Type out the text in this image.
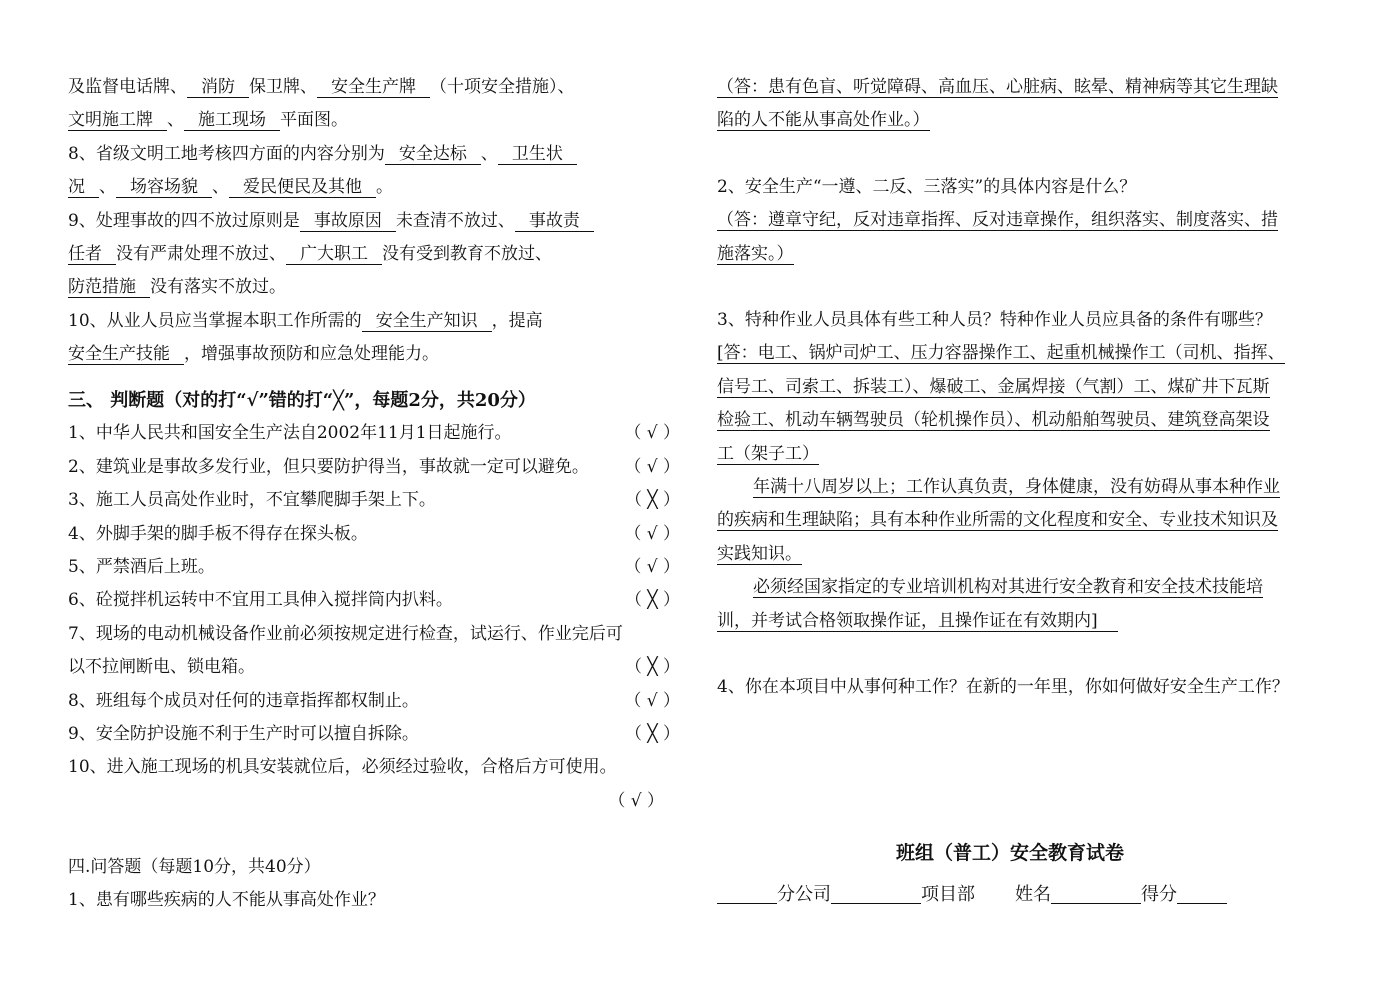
及监督电话牌、 消防 保卫牌、 安全生产牌 （十项安全措施）、
文明施工牌 、 施工现场 平面图。
8、省级文明工地考核四方面的内容分别为 安全达标 、 卫生状
况 、 场容场貌 、 爱民便民及其他 。
9、处理事故的四不放过原则是 事故原因 未查清不放过、 事故责
任者 没有严肃处理不放过、 广大职工 没有受到教育不放过、
防范措施 没有落实不放过。
10、从业人员应当掌握本职工作所需的 安全生产知识 ，提高
安全生产技能 ，增强事故预防和应急处理能力。
三、 判断题（对的打“√”错的打“╳”，每题2分，共20分）
1、中华人民共和国安全生产法自2002年11月1日起施行。	（ √ ）
2、建筑业是事故多发行业，但只要防护得当，事故就一定可以避免。 （ √ ）
3、施工人员高处作业时，不宜攀爬脚手架上下。	（ ╳ ）
4、外脚手架的脚手板不得存在探头板。	（ √ ）
5、严禁酒后上班。	（ √ ）
6、砼搅拌机运转中不宜用工具伸入搅拌筒内扒料。	（ ╳ ）
7、现场的电动机械设备作业前必须按规定进行检查，试运行、作业完后可
以不拉闸断电、锁电箱。	（ ╳ ）
8、班组每个成员对任何的违章指挥都权制止。	（ √ ）
9、安全防护设施不利于生产时可以擅自拆除。	（ ╳ ）
10、进入施工现场的机具安装就位后，必须经过验收，合格后方可使用。
（ √ ）
四.问答题（每题10分，共40分）
1、患有哪些疾病的人不能从事高处作业？
（答：患有色盲、听觉障碍、高血压、心脏病、眩晕、精神病等其它生理缺
陷的人不能从事高处作业。）
2、安全生产“一遵、二反、三落实”的具体内容是什么？
（答：遵章守纪，反对违章指挥、反对违章操作，组织落实、制度落实、措
施落实。）
3、特种作业人员具体有些工种人员？特种作业人员应具备的条件有哪些？
[答：电工、锅炉司炉工、压力容器操作工、起重机械操作工（司机、指挥、
信号工、司索工、拆装工）、爆破工、金属焊接（气割）工、煤矿井下瓦斯
检验工、机动车辆驾驶员（轮机操作员）、机动船舶驾驶员、建筑登高架设
工（架子工）
年满十八周岁以上；工作认真负责，身体健康，没有妨碍从事本种作业
的疾病和生理缺陷；具有本种作业所需的文化程度和安全、专业技术知识及
实践知识。
必须经国家指定的专业培训机构对其进行安全教育和安全技术技能培
训，并考试合格领取操作证，且操作证在有效期内]
4、你在本项目中从事何种工作？在新的一年里，你如何做好安全生产工作？
班组（普工）安全教育试卷
分公司	项目部 姓名	得分
